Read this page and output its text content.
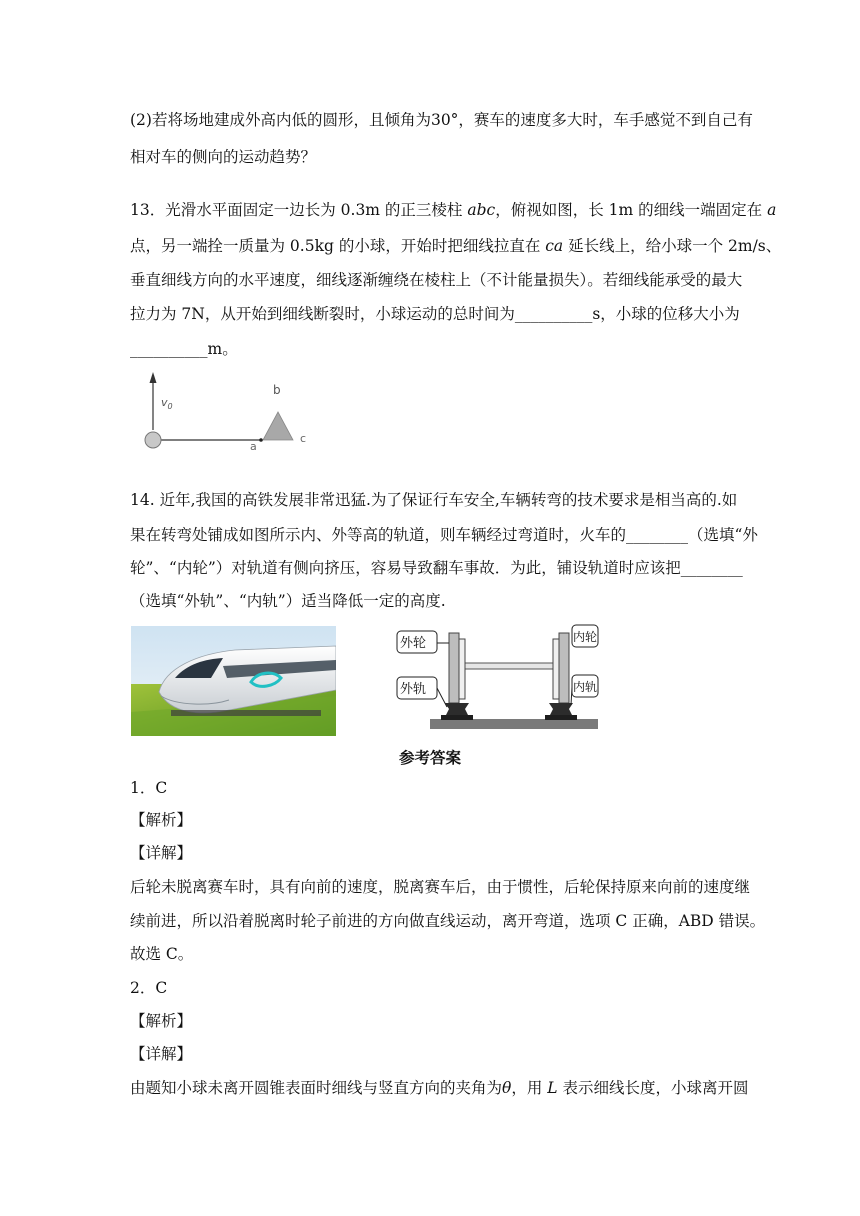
(2)若将场地建成外高内低的圆形，且倾角为30°，赛车的速度多大时，车手感觉不到自己有
相对车的侧向的运动趋势？
13．光滑水平面固定一边长为 0.3m 的正三棱柱 abc，俯视如图，长 1m 的细线一端固定在 a
点，另一端拴一质量为 0.5kg 的小球，开始时把细线拉直在 ca 延长线上，给小球一个 2m/s、
垂直细线方向的水平速度，细线逐渐缠绕在棱柱上（不计能量损失）。若细线能承受的最大
拉力为 7N，从开始到细线断裂时，小球运动的总时间为__________s，小球的位移大小为
__________m。
$v_0$
a
b
c
14. 近年,我国的高铁发展非常迅猛.为了保证行车安全,车辆转弯的技术要求是相当高的.如
果在转弯处铺成如图所示内、外等高的轨道，则车辆经过弯道时，火车的________（选填“外
轮”、“内轮”）对轨道有侧向挤压，容易导致翻车事故．为此，铺设轨道时应该把________
（选填“外轨”、“内轨”）适当降低一定的高度.
外轮
外轨
内轮
内轨
参考答案
1．C
【解析】
【详解】
后轮未脱离赛车时，具有向前的速度，脱离赛车后，由于惯性，后轮保持原来向前的速度继
续前进，所以沿着脱离时轮子前进的方向做直线运动，离开弯道，选项 C 正确，ABD 错误。
故选 C。
2．C
【解析】
【详解】
由题知小球未离开圆锥表面时细线与竖直方向的夹角为θ，用 L 表示细线长度，小球离开圆
